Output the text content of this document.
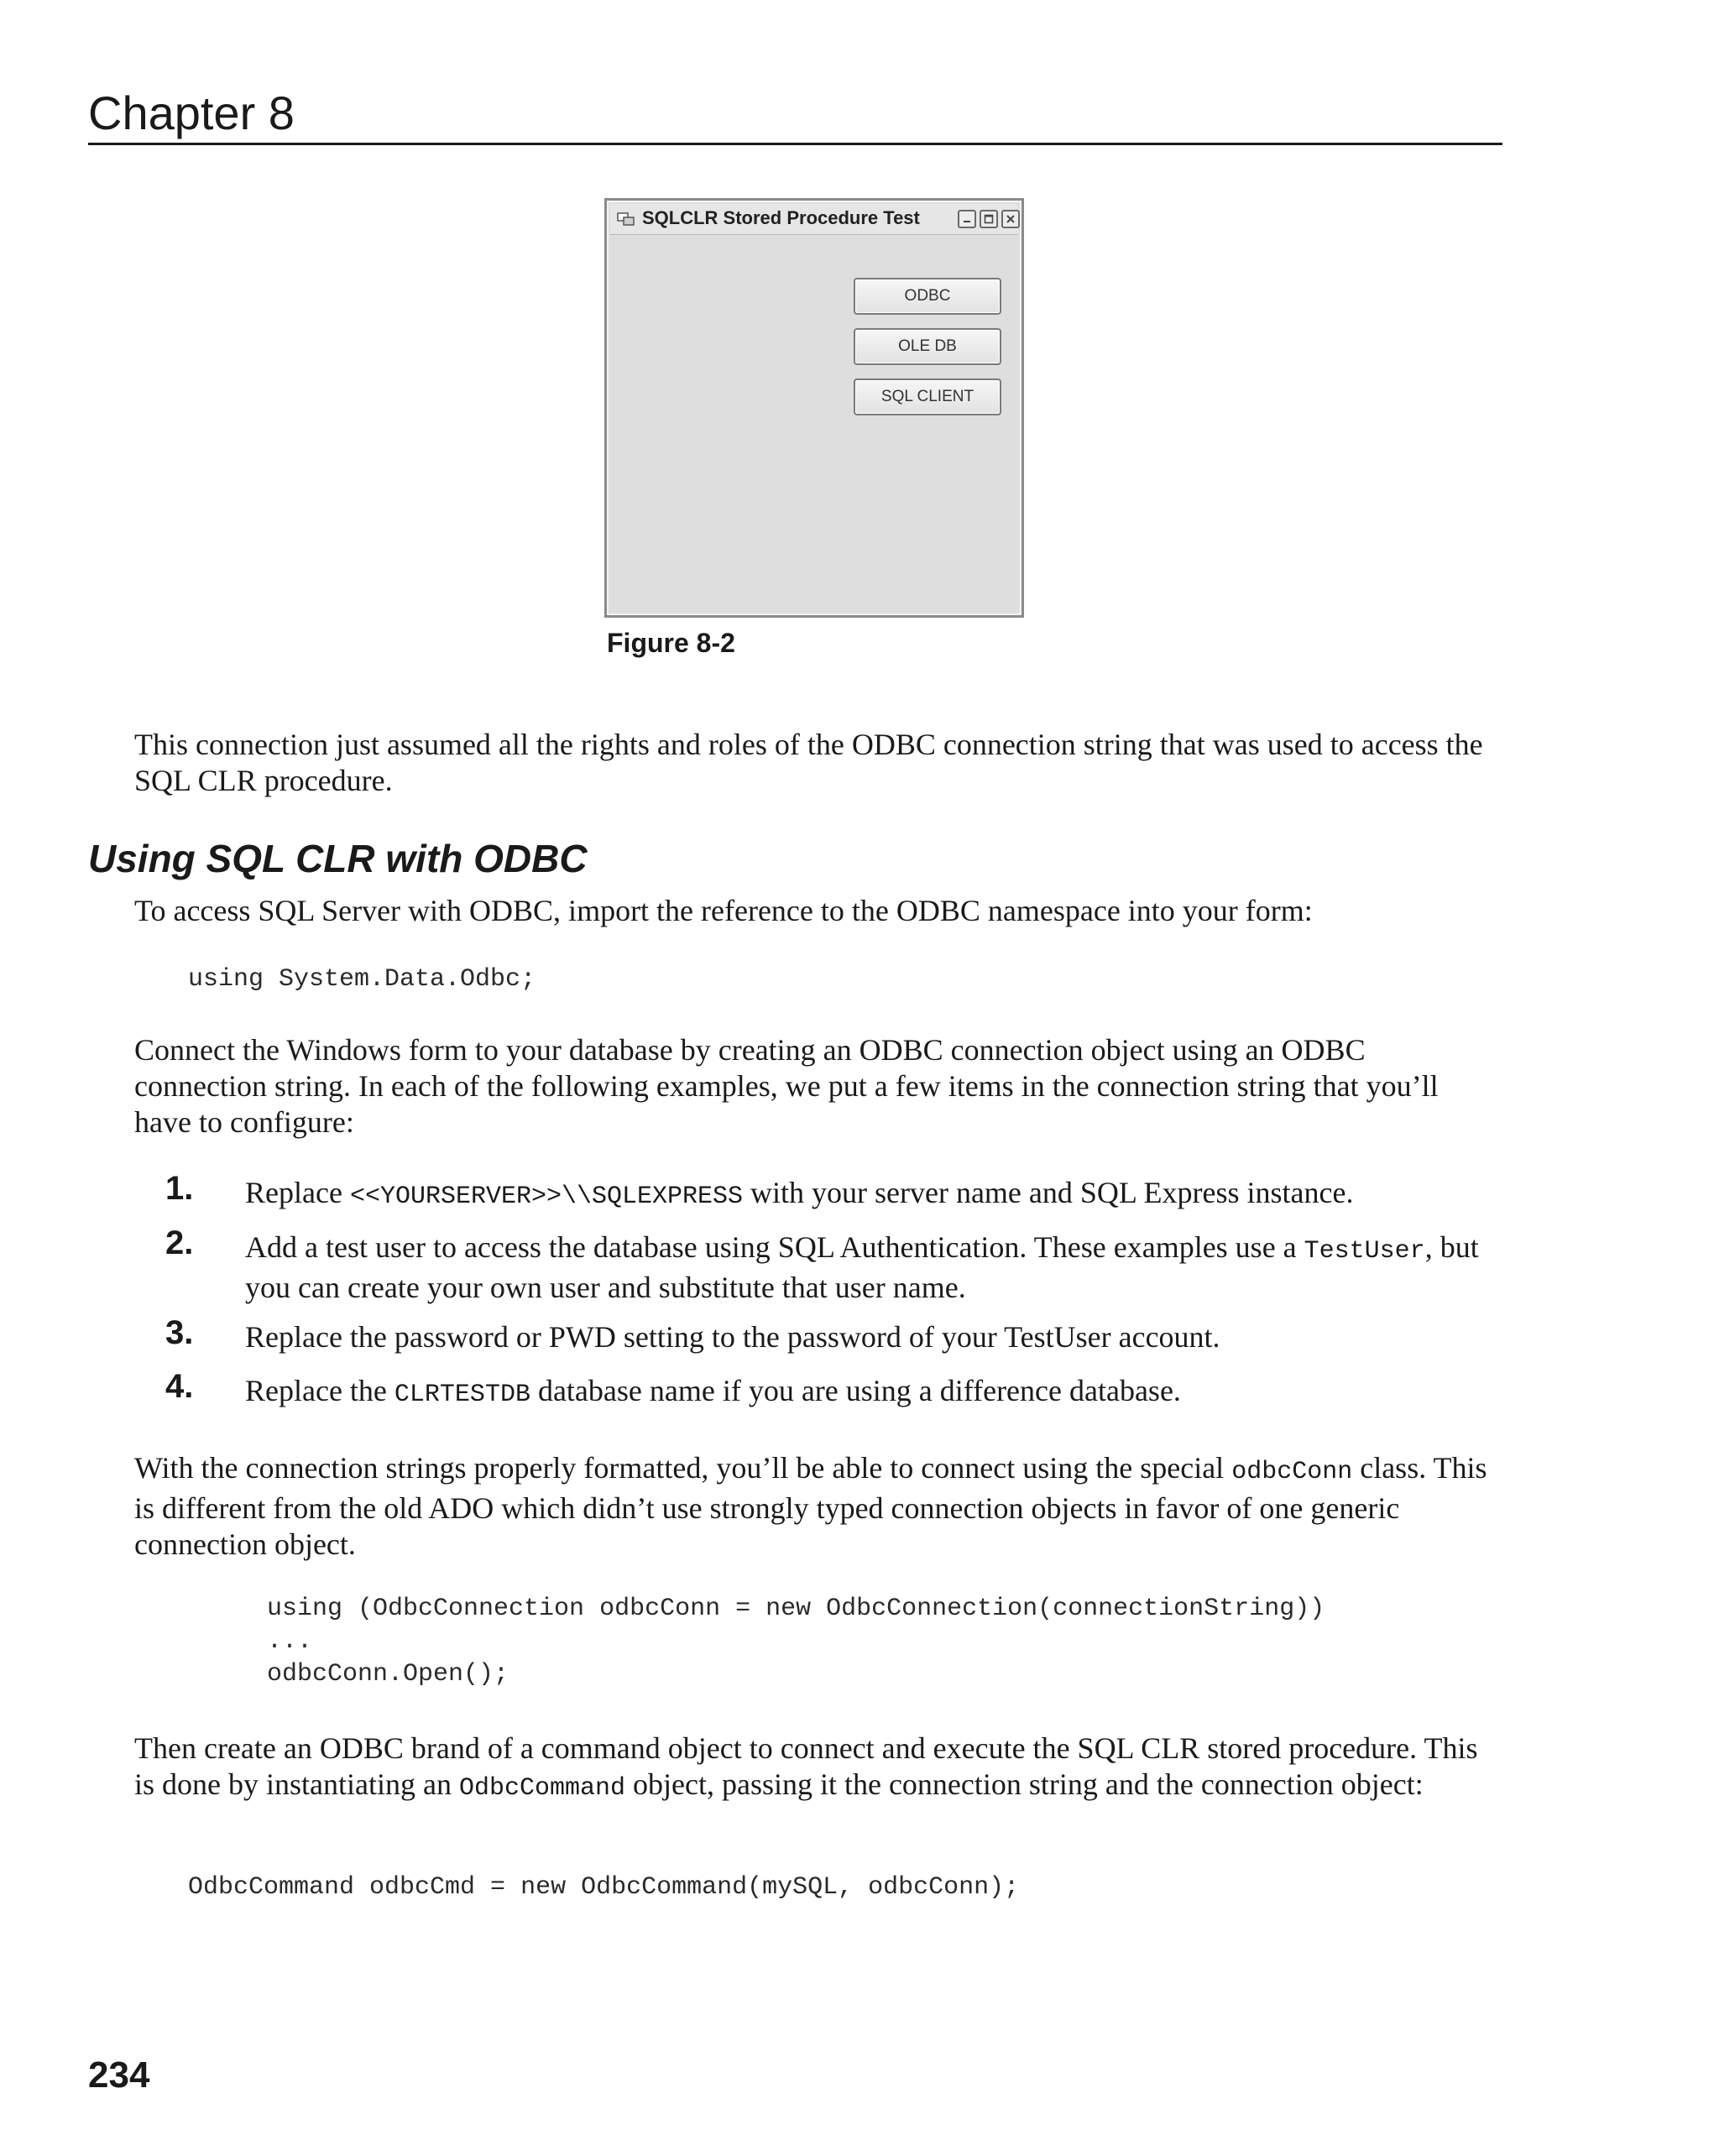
Chapter 8
SQLCLR Stored Procedure Test
ODBC
OLE DB
SQL CLIENT
Figure 8-2

This connection just assumed all the rights and roles of the ODBC connection string that was used to access the SQL CLR procedure.

Using SQL CLR with ODBC

To access SQL Server with ODBC, import the reference to the ODBC namespace into your form:

using System.Data.Odbc;

Connect the Windows form to your database by creating an ODBC connection object using an ODBC connection string. In each of the following examples, we put a few items in the connection string that you’ll have to configure:

1. Replace <<YOURSERVER>>\\SQLEXPRESS with your server name and SQL Express instance.
2. Add a test user to access the database using SQL Authentication. These examples use a TestUser, but you can create your own user and substitute that user name.
3. Replace the password or PWD setting to the password of your TestUser account.
4. Replace the CLRTESTDB database name if you are using a difference database.

With the connection strings properly formatted, you’ll be able to connect using the special odbcConn class. This is different from the old ADO which didn’t use strongly typed connection objects in favor of one generic connection object.

using (OdbcConnection odbcConn = new OdbcConnection(connectionString))
...
odbcConn.Open();

Then create an ODBC brand of a command object to connect and execute the SQL CLR stored procedure. This is done by instantiating an OdbcCommand object, passing it the connection string and the connection object:

OdbcCommand odbcCmd = new OdbcCommand(mySQL, odbcConn);
234
